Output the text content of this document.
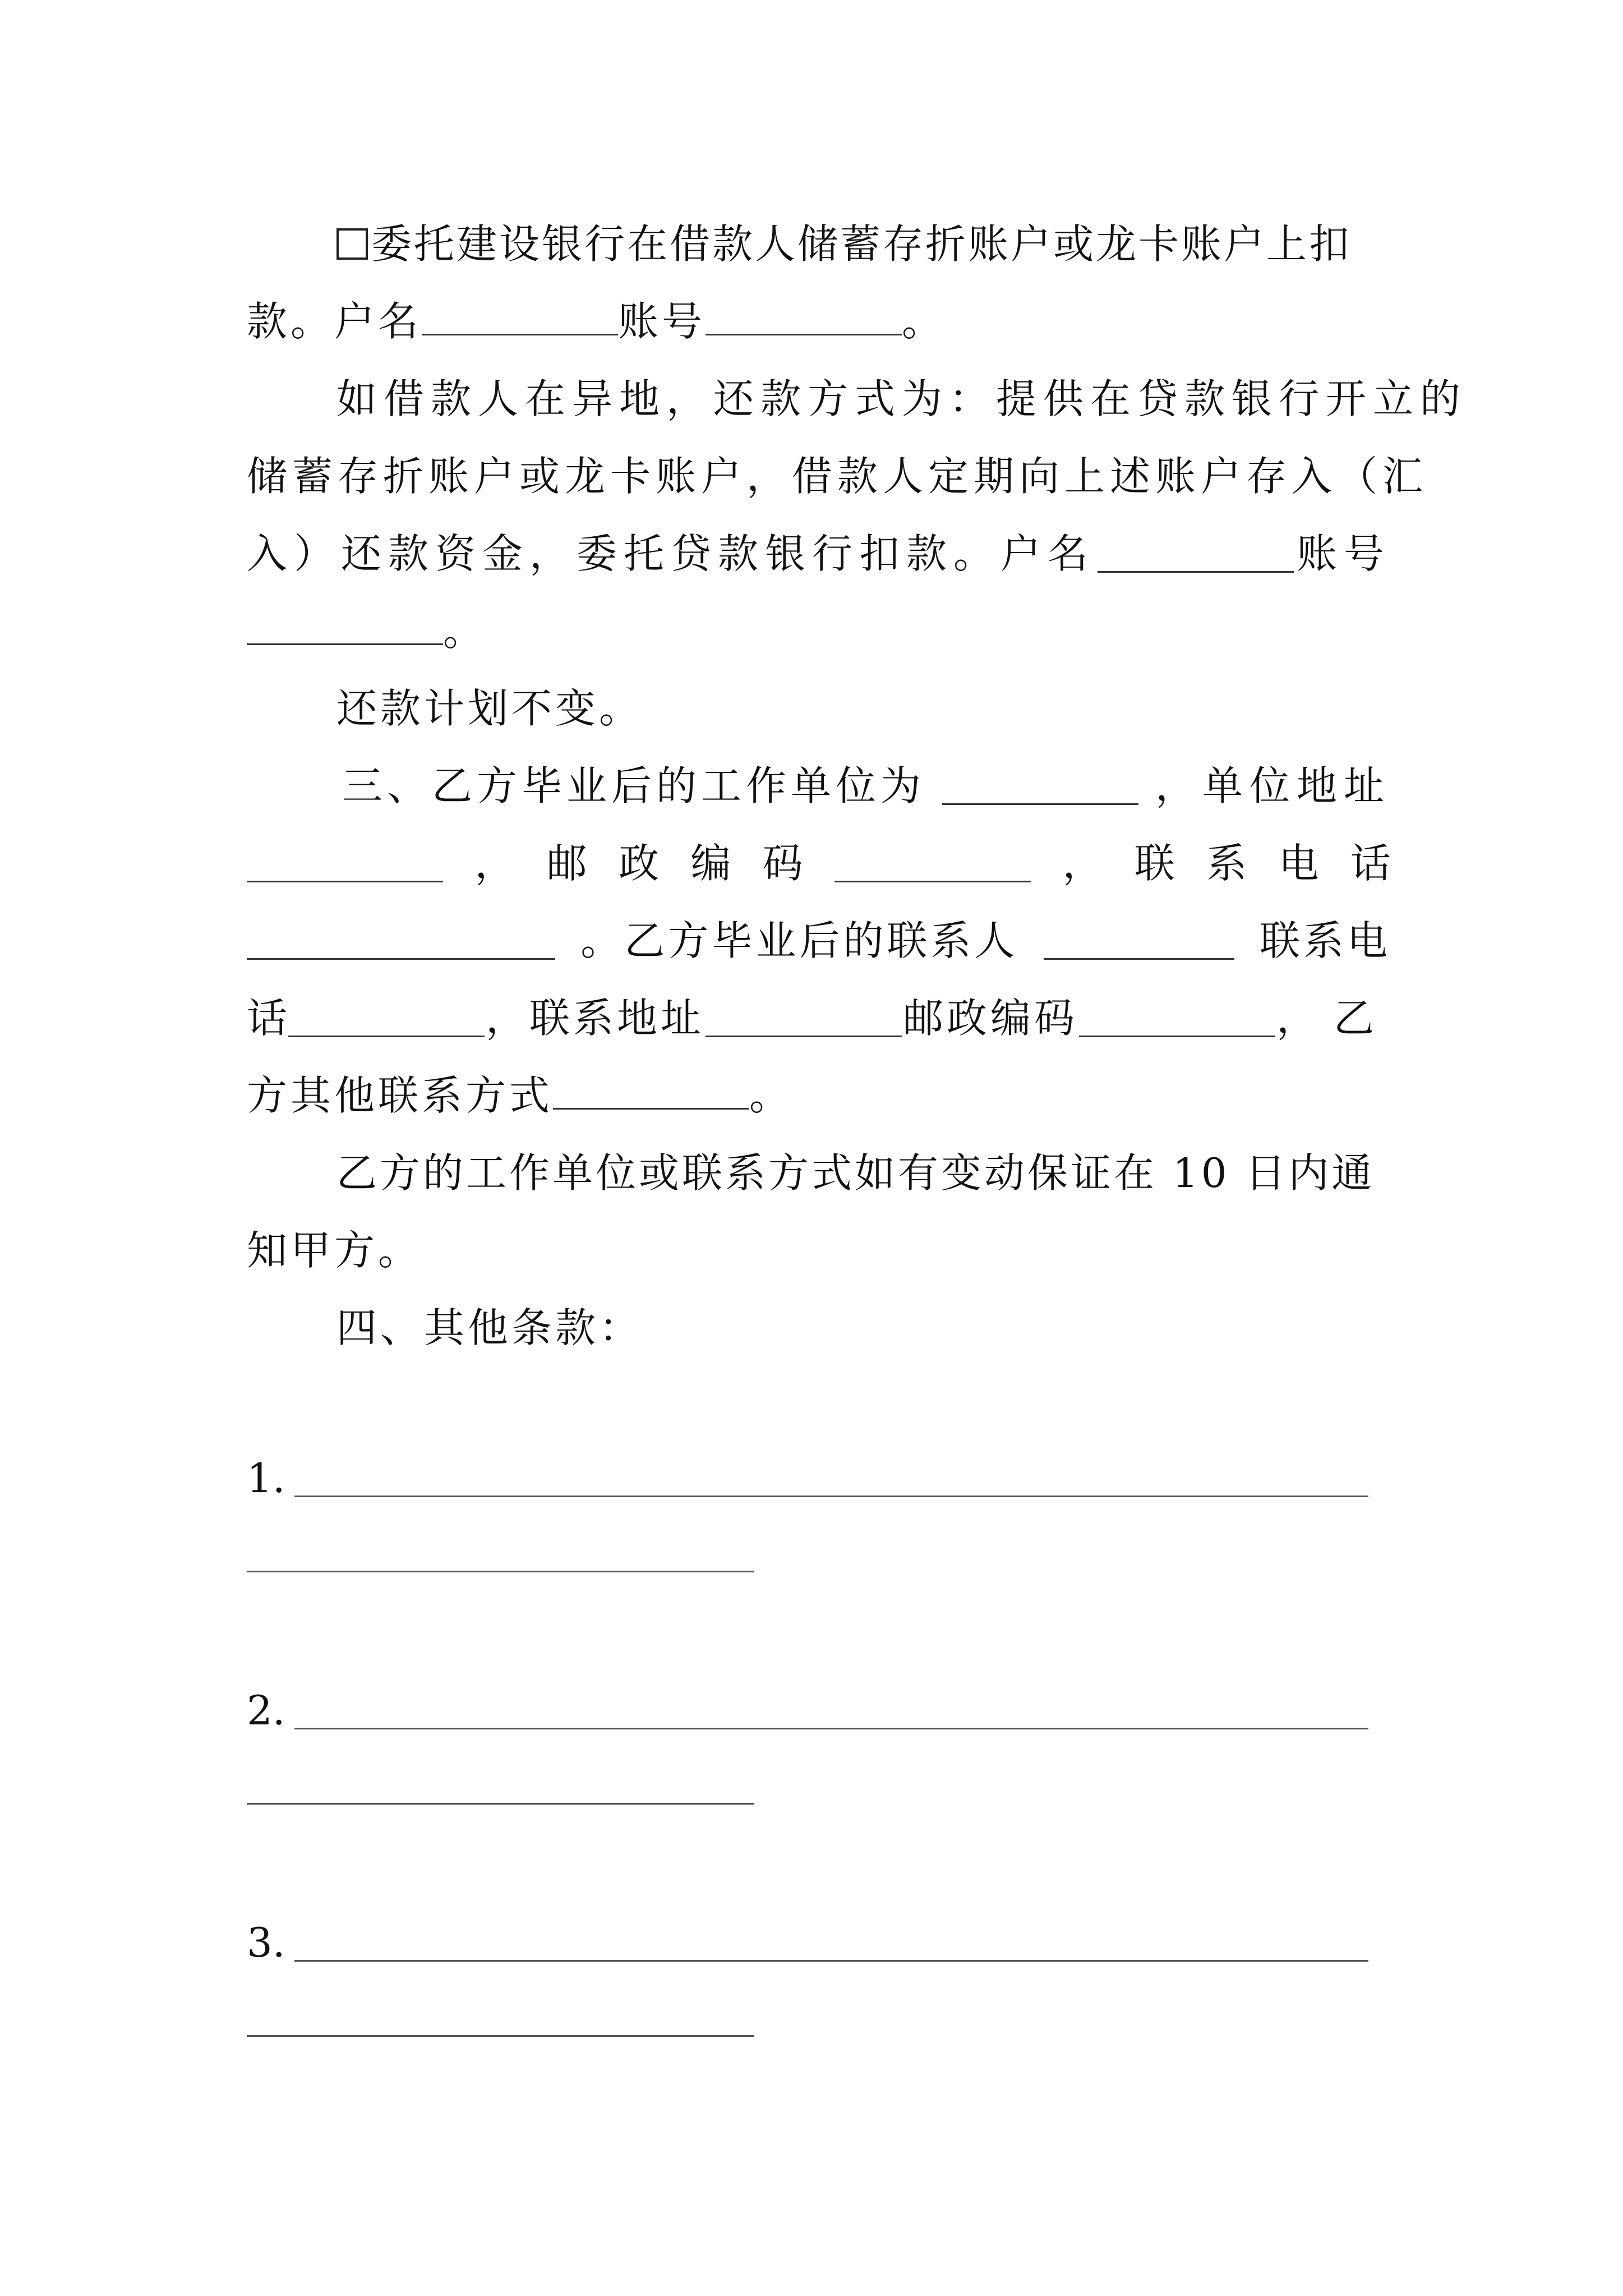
委托建设银行在借款人储蓄存折账户或龙卡账户上扣
款。户名	账号	。
如借款人在异地，还款方式为：提供在贷款银行开立的
储蓄存折账户或龙卡账户，借款人定期向上述账户存入（汇
入）还款资金，委托贷款银行扣款。户名	账号
。
还款计划不变。
三、乙方毕业后的工作单位为	，单位地址
， 邮 政 编 码	， 联 系 电 话
。乙方毕业后的联系人	联系电
话	，联系地址	邮政编码	，乙
方其他联系方式	。
乙方的工作单位或联系方式如有变动保证在 10 日内通
知甲方。
四、其他条款：
1.
2.
3.
